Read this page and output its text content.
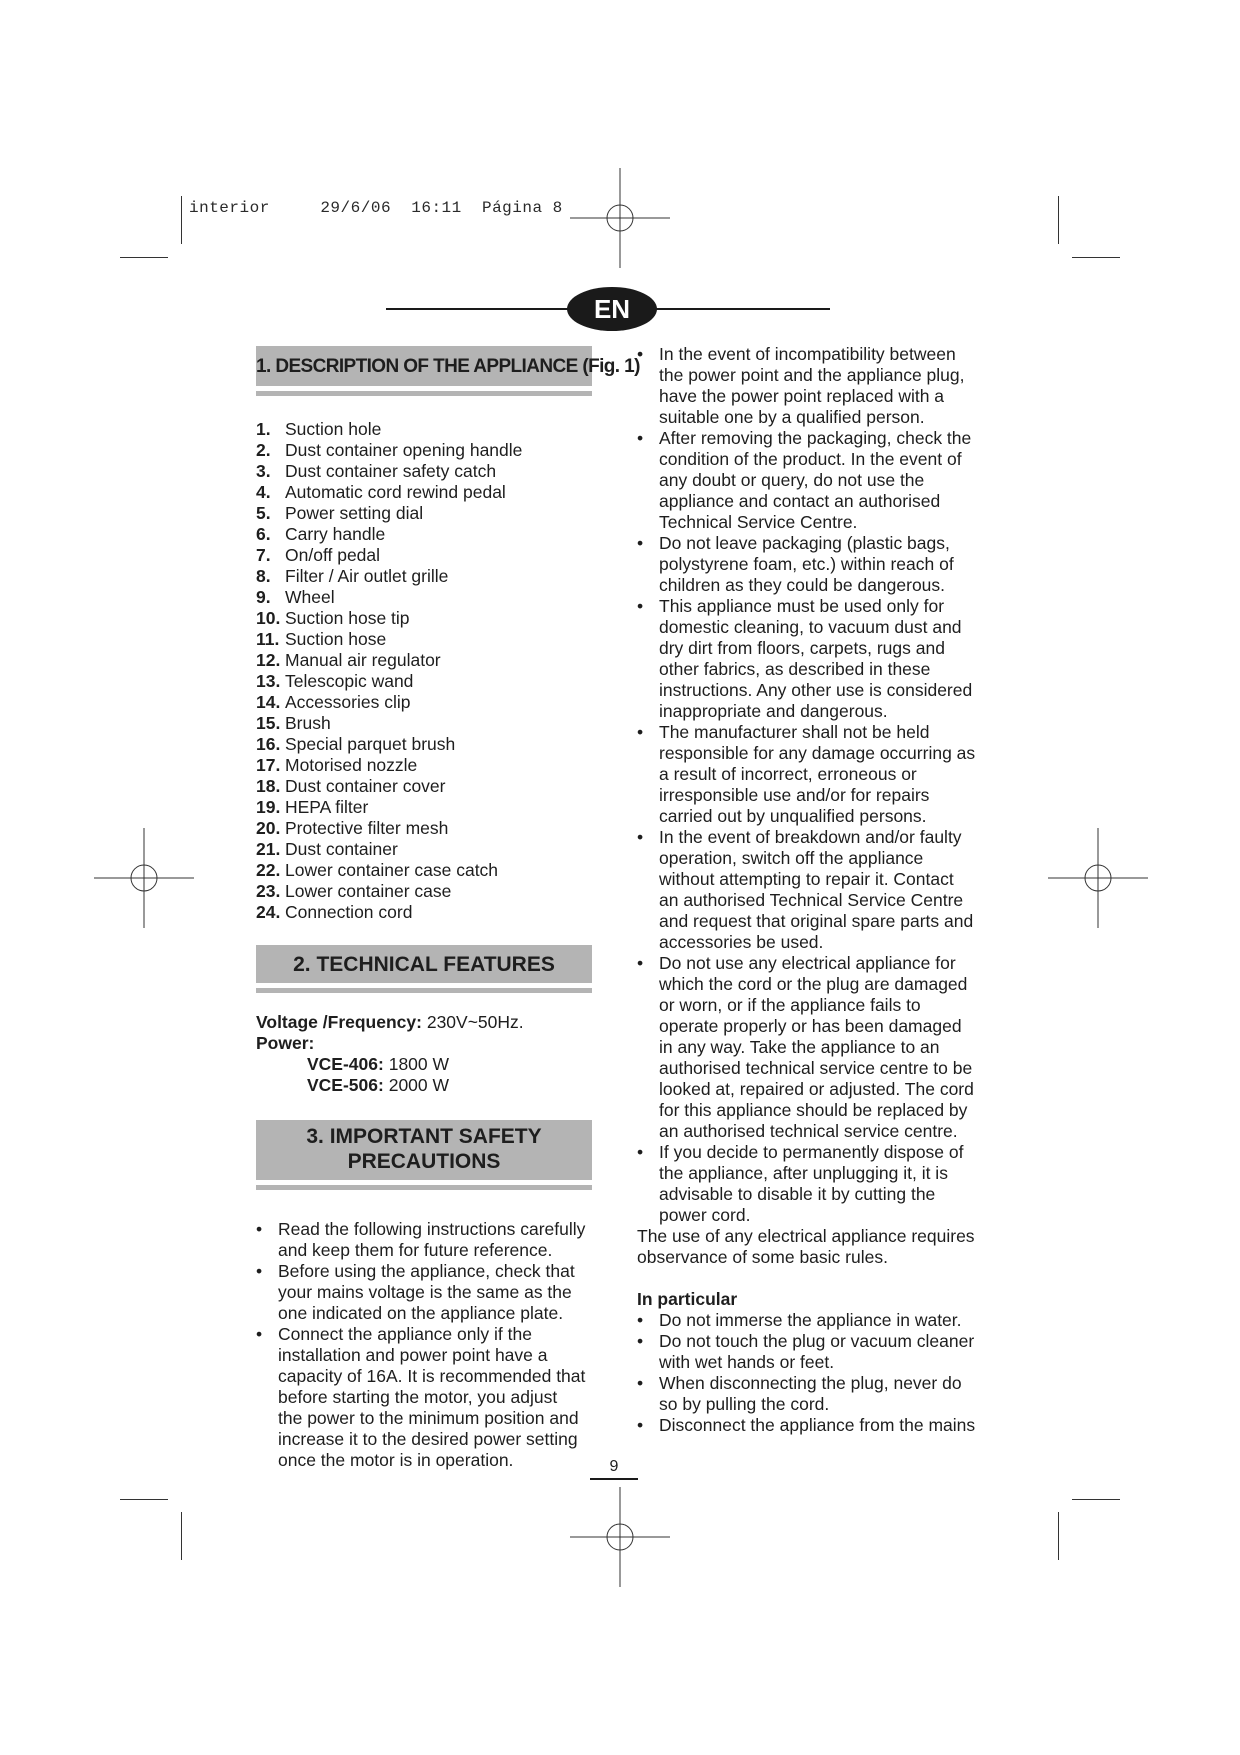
interior	29/6/06 16:11 Página 8
EN
1. DESCRIPTION OF THE APPLIANCE (Fig. 1)
1. Suction hole
2. Dust container opening handle
3. Dust container safety catch
4. Automatic cord rewind pedal
5. Power setting dial
6. Carry handle
7. On/off pedal
8. Filter / Air outlet grille
9. Wheel
10. Suction hose tip
11. Suction hose
12. Manual air regulator
13. Telescopic wand
14. Accessories clip
15. Brush
16. Special parquet brush
17. Motorised nozzle
18. Dust container cover
19. HEPA filter
20. Protective filter mesh
21. Dust container
22. Lower container case catch
23. Lower container case
24. Connection cord
2. TECHNICAL FEATURES
Voltage /Frequency: 230V~50Hz.
Power:
VCE-406: 1800 W
VCE-506: 2000 W
3. IMPORTANT SAFETY
PRECAUTIONS
• Read the following instructions carefully and keep them for future reference.
• Before using the appliance, check that your mains voltage is the same as the one indicated on the appliance plate.
• Connect the appliance only if the installation and power point have a capacity of 16A. It is recommended that before starting the motor, you adjust the power to the minimum position and increase it to the desired power setting once the motor is in operation.
• In the event of incompatibility between the power point and the appliance plug, have the power point replaced with a suitable one by a qualified person.
• After removing the packaging, check the condition of the product. In the event of any doubt or query, do not use the appliance and contact an authorised Technical Service Centre.
• Do not leave packaging (plastic bags, polystyrene foam, etc.) within reach of children as they could be dangerous.
• This appliance must be used only for domestic cleaning, to vacuum dust and dry dirt from floors, carpets, rugs and other fabrics, as described in these instructions. Any other use is considered inappropriate and dangerous.
• The manufacturer shall not be held responsible for any damage occurring as a result of incorrect, erroneous or irresponsible use and/or for repairs carried out by unqualified persons.
• In the event of breakdown and/or faulty operation, switch off the appliance without attempting to repair it. Contact an authorised Technical Service Centre and request that original spare parts and accessories be used.
• Do not use any electrical appliance for which the cord or the plug are damaged or worn, or if the appliance fails to operate properly or has been damaged in any way. Take the appliance to an authorised technical service centre to be looked at, repaired or adjusted. The cord for this appliance should be replaced by an authorised technical service centre.
• If you decide to permanently dispose of the appliance, after unplugging it, it is advisable to disable it by cutting the power cord.
The use of any electrical appliance requires observance of some basic rules.
In particular
• Do not immerse the appliance in water.
• Do not touch the plug or vacuum cleaner with wet hands or feet.
• When disconnecting the plug, never do so by pulling the cord.
• Disconnect the appliance from the mains
9
